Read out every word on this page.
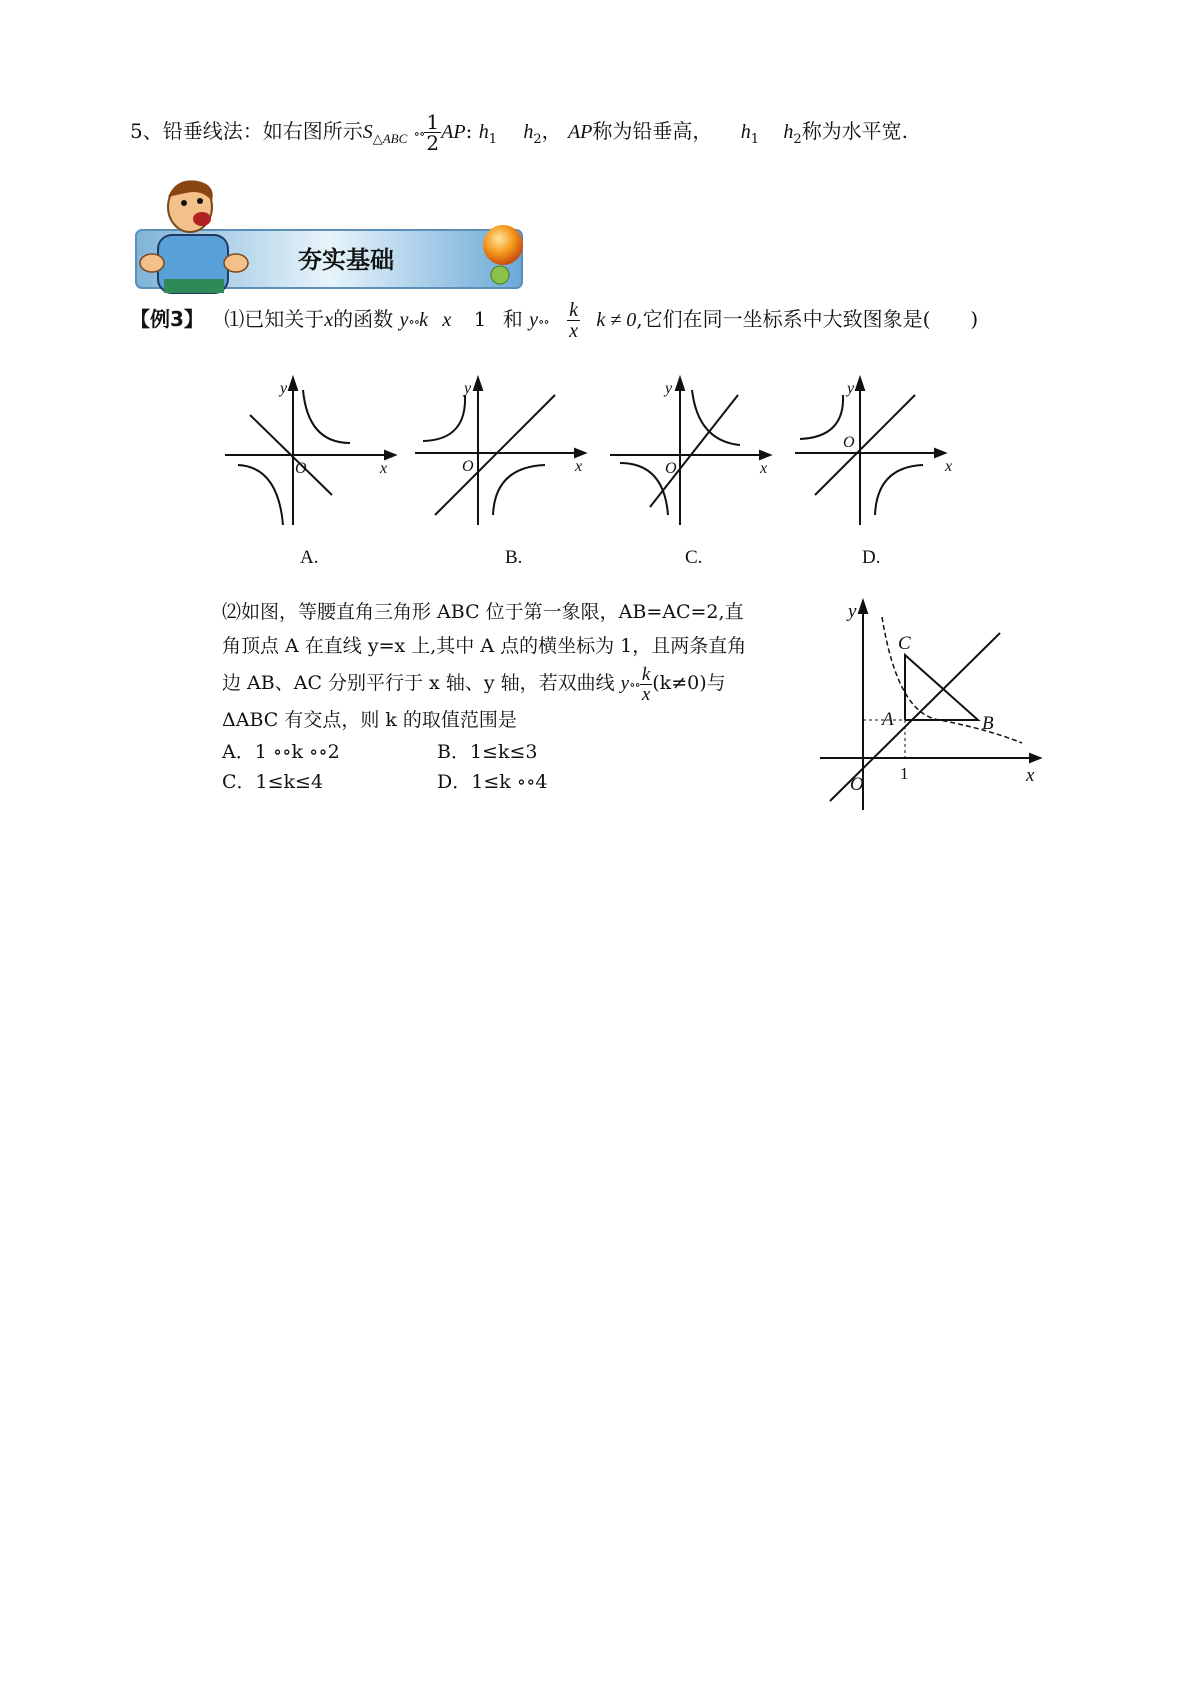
5、铅垂线法：如右图所示$S_{\triangle ABC}$ ∘∘ $\frac{1}{2}$ AP: $h_1$ $h_2$， AP称为铅垂高， $h_1$ $h_2$称为水平宽.
夯实基础
【例3】 ⑴已知关于x的函数 y∘∘k x 1 和 y∘∘ $\frac{k}{x}$ k ≠ 0,它们在同一坐标系中大致图象是(　　)
y
x
O
y
x
O
y
x
O
y
x
O
A.	B.	C.	D.
⑵如图，等腰直角三角形 ABC 位于第一象限，AB=AC=2,直
角顶点 A 在直线 y=x 上,其中 A 点的横坐标为 1，且两条直角
边 AB、AC 分别平行于 x 轴、y 轴，若双曲线 y∘∘ $\frac{k}{x} (k\ne 0)$与
ΔABC 有交点，则 k 的取值范围是
A．1 ∘∘k ∘∘2	B．1≤k≤3
C．1≤k≤4	D．1≤k ∘∘4
y
x
O
A	B
C
1
